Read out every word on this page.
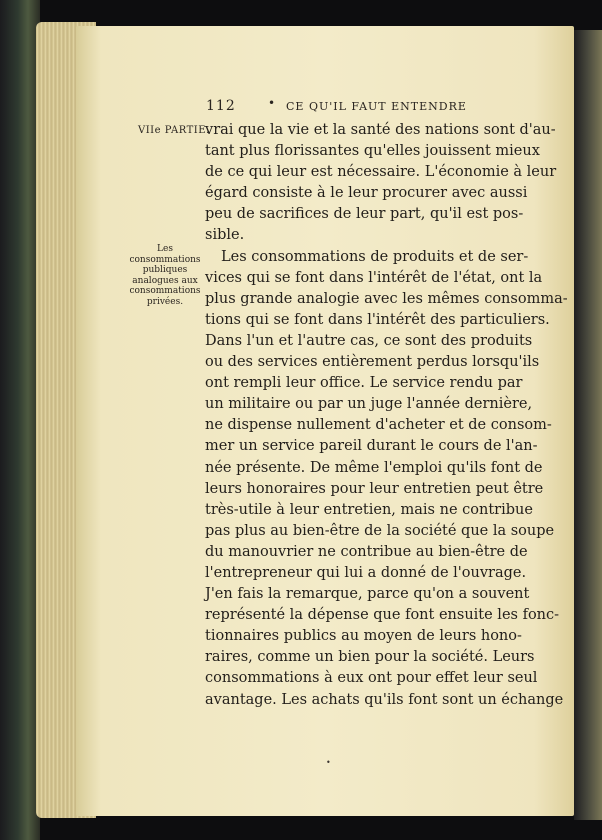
112	• CE QU'IL FAUT ENTENDRE
VIIe PARTIE.
Les consommations publiques analogues aux consommations privées.
vrai que la vie et la santé des nations sont d'au-
tant plus florissantes qu'elles jouissent mieux
de ce qui leur est nécessaire. L'économie à leur
égard consiste à le leur procurer avec aussi
peu de sacrifices de leur part, qu'il est pos-
sible.
Les consommations de produits et de ser-
vices qui se font dans l'intérêt de l'état, ont la
plus grande analogie avec les mêmes consomma-
tions qui se font dans l'intérêt des particuliers.
Dans l'un et l'autre cas, ce sont des produits
ou des services entièrement perdus lorsqu'ils
ont rempli leur office. Le service rendu par
un militaire ou par un juge l'année dernière,
ne dispense nullement d'acheter et de consom-
mer un service pareil durant le cours de l'an-
née présente. De même l'emploi qu'ils font de
leurs honoraires pour leur entretien peut être
très-utile à leur entretien, mais ne contribue
pas plus au bien-être de la société que la soupe
du manouvrier ne contribue au bien-être de
l'entrepreneur qui lui a donné de l'ouvrage.
J'en fais la remarque, parce qu'on a souvent
représenté la dépense que font ensuite les fonc-
tionnaires publics au moyen de leurs hono-
raires, comme un bien pour la société. Leurs
consommations à eux ont pour effet leur seul
avantage. Les achats qu'ils font sont un échange
•
